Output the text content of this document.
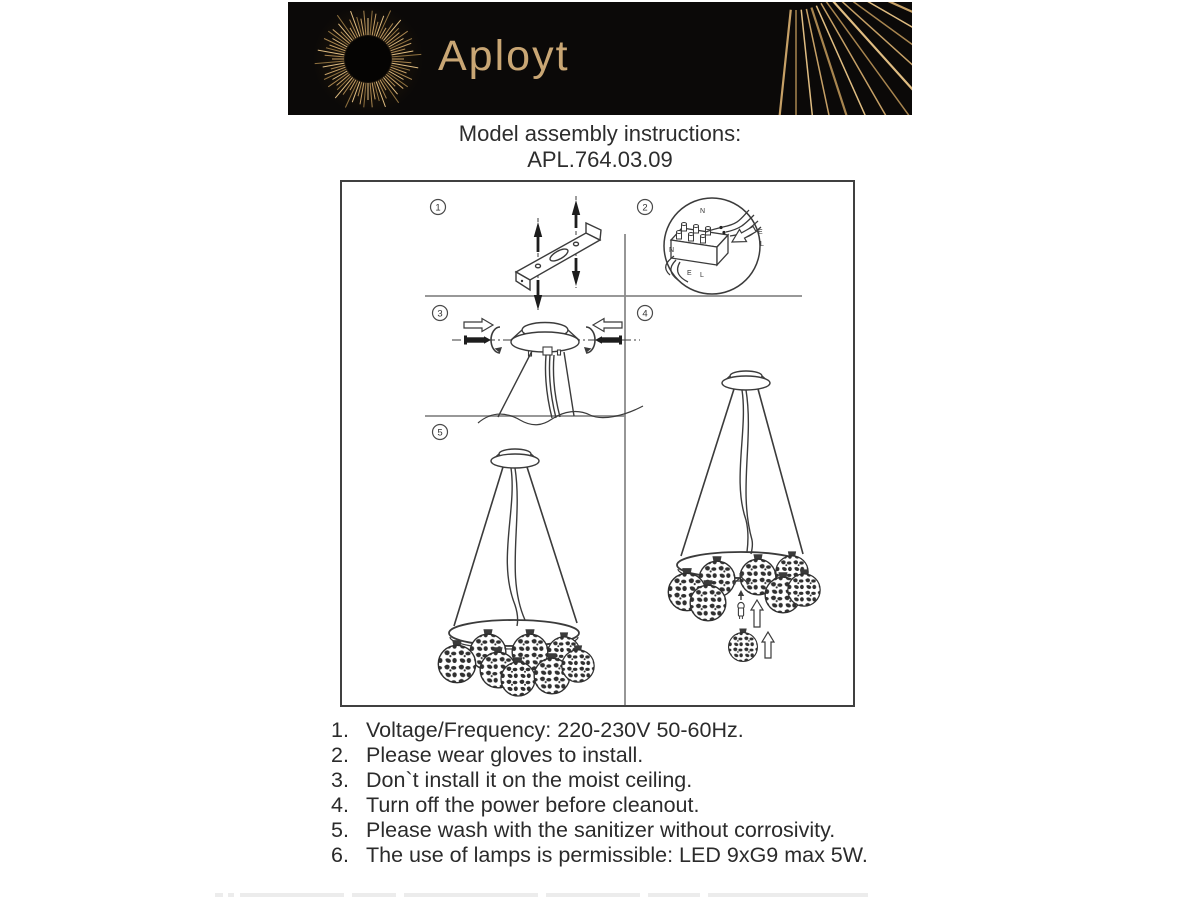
Aployt
Model assembly instructions:
APL.764.03.09
1	2
3	4
5
N
E
L
N
E L
1. Voltage/Frequency: 220-230V 50-60Hz.
2. Please wear gloves to install.
3. Don`t install it on the moist ceiling.
4. Turn off the power before cleanout.
5. Please wash with the sanitizer without corrosivity.
6. The use of lamps is permissible: LED 9xG9 max 5W.
